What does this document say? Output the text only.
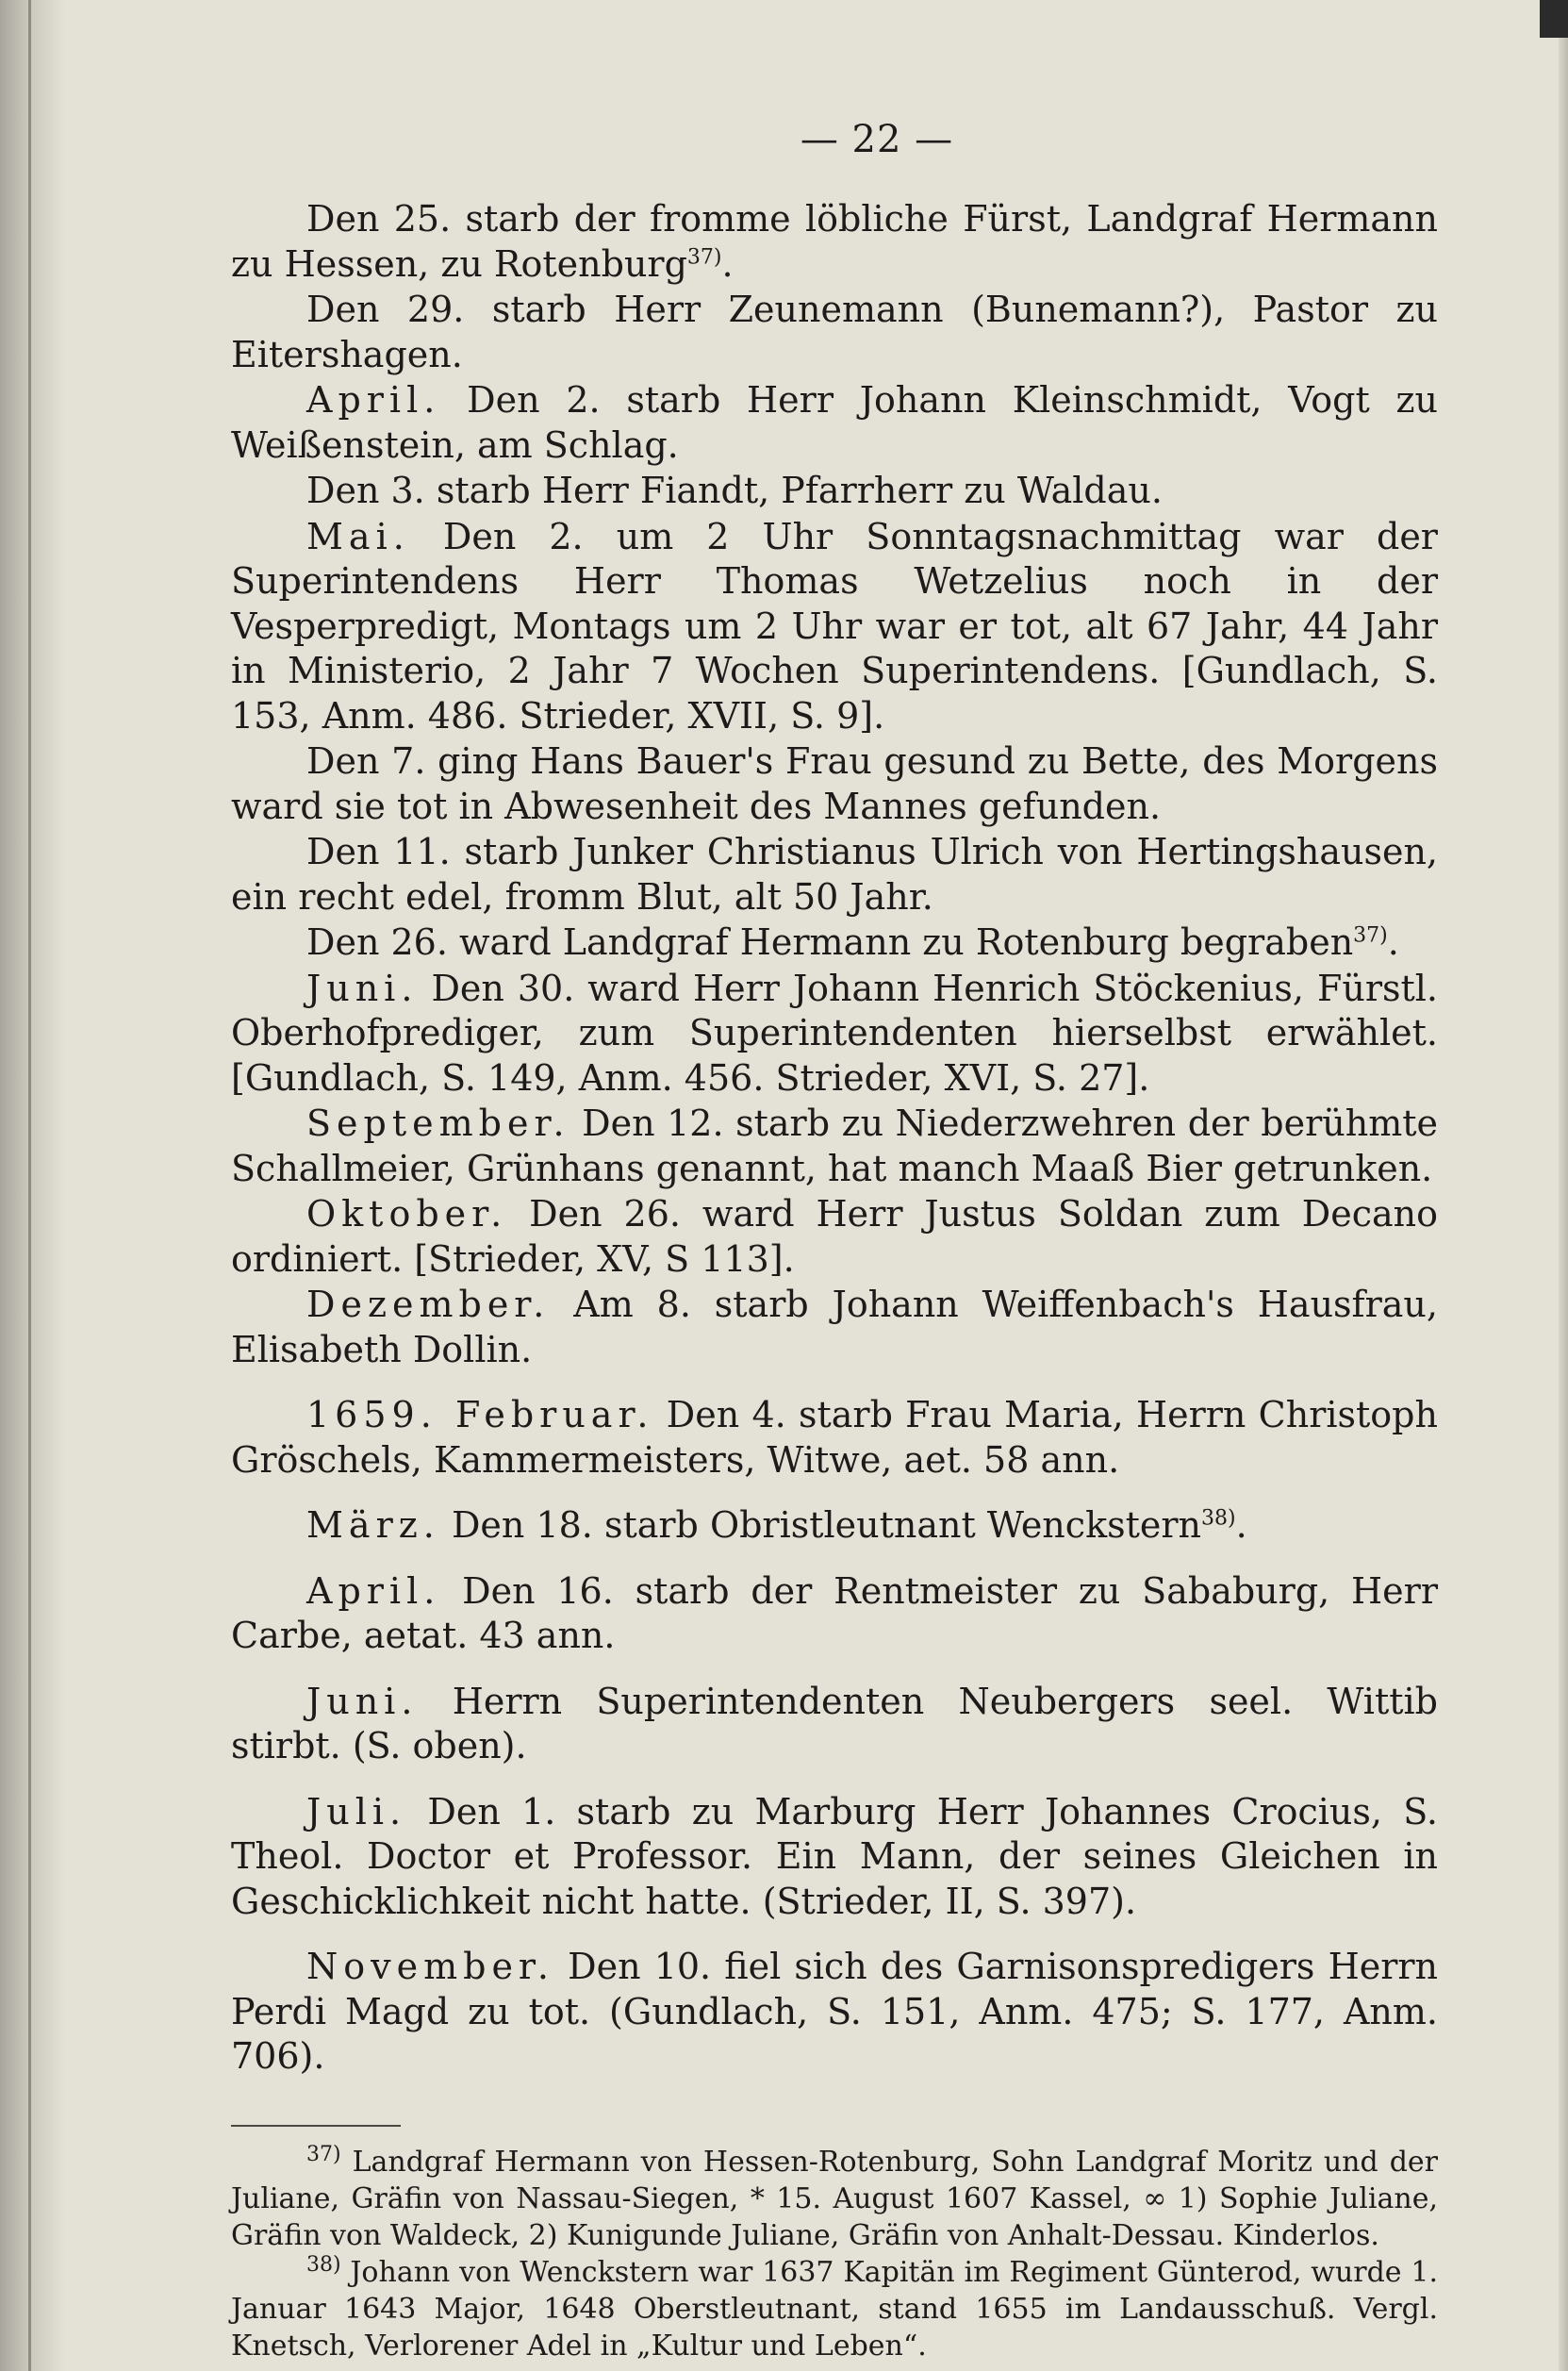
— 22 —

Den 25. starb der fromme löbliche Fürst, Landgraf Hermann zu Hessen, zu Rotenburg$^{37)}$.

Den 29. starb Herr Zeunemann (Bunemann?), Pastor zu Eitershagen.

April. Den 2. starb Herr Johann Kleinschmidt, Vogt zu Weißenstein, am Schlag.

Den 3. starb Herr Fiandt, Pfarrherr zu Waldau.

Mai. Den 2. um 2 Uhr Sonntagsnachmittag war der Superintendens Herr Thomas Wetzelius noch in der Vesperpredigt, Montags um 2 Uhr war er tot, alt 67 Jahr, 44 Jahr in Ministerio, 2 Jahr 7 Wochen Superintendens. [Gundlach, S. 153, Anm. 486. Strieder, XVII, S. 9].

Den 7. ging Hans Bauer's Frau gesund zu Bette, des Morgens ward sie tot in Abwesenheit des Mannes gefunden.

Den 11. starb Junker Christianus Ulrich von Hertingshausen, ein recht edel, fromm Blut, alt 50 Jahr.

Den 26. ward Landgraf Hermann zu Rotenburg begraben$^{37)}$.

Juni. Den 30. ward Herr Johann Henrich Stöckenius, Fürstl. Oberhofprediger, zum Superintendenten hierselbst erwählet. [Gundlach, S. 149, Anm. 456. Strieder, XVI, S. 27].

September. Den 12. starb zu Niederzwehren der berühmte Schallmeier, Grünhans genannt, hat manch Maaß Bier getrunken.

Oktober. Den 26. ward Herr Justus Soldan zum Decano ordiniert. [Strieder, XV, S 113].

Dezember. Am 8. starb Johann Weiffenbach's Hausfrau, Elisabeth Dollin.

1659. Februar. Den 4. starb Frau Maria, Herrn Christoph Gröschels, Kammermeisters, Witwe, aet. 58 ann.

März. Den 18. starb Obristleutnant Wenckstern$^{38)}$.

April. Den 16. starb der Rentmeister zu Sababurg, Herr Carbe, aetat. 43 ann.

Juni. Herrn Superintendenten Neubergers seel. Wittib stirbt. (S. oben).

Juli. Den 1. starb zu Marburg Herr Johannes Crocius, S. Theol. Doctor et Professor. Ein Mann, der seines Gleichen in Geschicklichkeit nicht hatte. (Strieder, II, S. 397).

November. Den 10. fiel sich des Garnisonspredigers Herrn Perdi Magd zu tot. (Gundlach, S. 151, Anm. 475; S. 177, Anm. 706).

$^{37)}$ Landgraf Hermann von Hessen-Rotenburg, Sohn Landgraf Moritz und der Juliane, Gräfin von Nassau-Siegen, * 15. August 1607 Kassel, ∞ 1) Sophie Juliane, Gräfin von Waldeck, 2) Kunigunde Juliane, Gräfin von Anhalt-Dessau. Kinderlos.

$^{38)}$ Johann von Wenckstern war 1637 Kapitän im Regiment Günterod, wurde 1. Januar 1643 Major, 1648 Oberstleutnant, stand 1655 im Landausschuß. Vergl. Knetsch, Verlorener Adel in „Kultur und Leben“.
